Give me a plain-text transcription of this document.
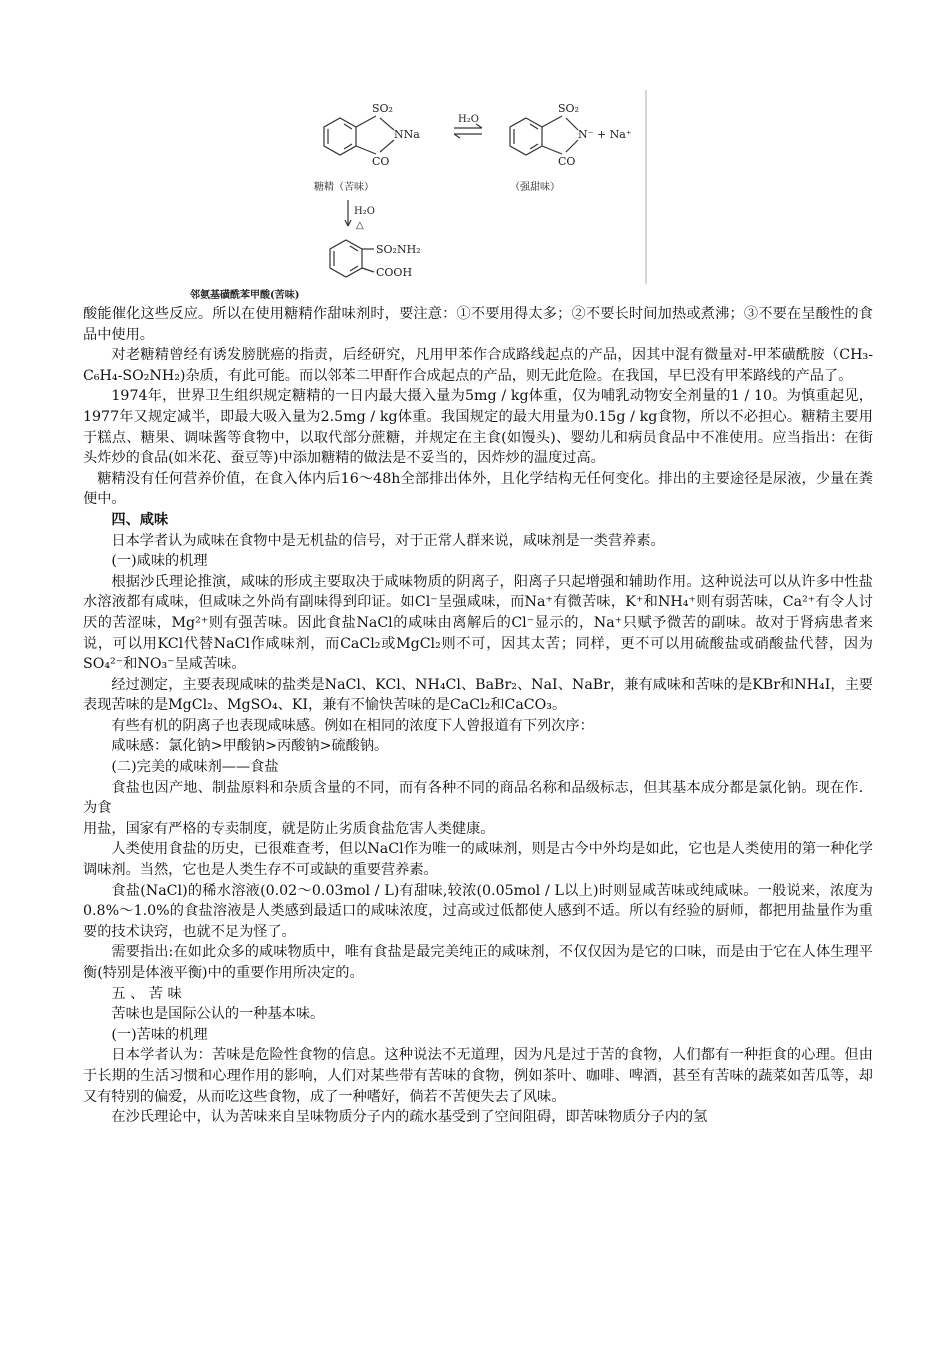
SO₂
NNa
CO
H₂O
SO₂
N⁻ + Na⁺
CO
糖精（苦味）	（强甜味）
H₂O
△
SO₂NH₂
COOH
邻氨基磺酰苯甲酸(苦味)

酸能催化这些反应。所以在使用糖精作甜味剂时，要注意：①不要用得太多；②不要长时间加热或煮沸；③不要在呈酸性的食品中使用。

对老糖精曾经有诱发膀胱癌的指责，后经研究，凡用甲苯作合成路线起点的产品，因其中混有微量对-甲苯磺酰胺（CH₃-C₆H₄-SO₂NH₂)杂质，有此可能。而以邻苯二甲酐作合成起点的产品，则无此危险。在我国，早巳没有甲苯路线的产品了。

1974年，世界卫生组织规定糖精的一日内最大摄入量为5mg / kg体重，仅为哺乳动物安全剂量的1 / 10。为慎重起见，1977年又规定减半，即最大吸入量为2.5mg / kg体重。我国规定的最大用量为0.15g / kg食物，所以不必担心。糖精主要用于糕点、糖果、调味酱等食物中，以取代部分蔗糖，并规定在主食(如馒头)、婴幼儿和病员食品中不准使用。应当指出：在街头炸炒的食品(如米花、蚕豆等)中添加糖精的做法是不妥当的，因炸炒的温度过高。

糖精没有任何营养价值，在食入体内后16～48h全部排出体外，且化学结构无任何变化。排出的主要途径是尿液，少量在粪便中。

四、咸味

日本学者认为咸味在食物中是无机盐的信号，对于正常人群来说，咸味剂是一类营养素。

(一)咸味的机理

根据沙氏理论推演，咸味的形成主要取决于咸味物质的阴离子，阳离子只起增强和辅助作用。这种说法可以从许多中性盐水溶液都有咸味，但咸味之外尚有副味得到印证。如Cl⁻呈强咸味，而Na⁺有微苦味，K⁺和NH₄⁺则有弱苦味，Ca²⁺有令人讨厌的苦涩味，Mg²⁺则有强苦味。因此食盐NaCl的咸味由离解后的Cl⁻显示的，Na⁺只赋予微苦的副味。故对于肾病患者来说，可以用KCl代替NaCl作咸味剂，而CaCl₂或MgCl₂则不可，因其太苦；同样，更不可以用硫酸盐或硝酸盐代替，因为SO₄²⁻和NO₃⁻呈咸苦味。

经过测定，主要表现咸味的盐类是NaCl、KCl、NH₄Cl、BaBr₂、NaI、NaBr，兼有咸味和苦味的是KBr和NH₄I，主要表现苦味的是MgCl₂、MgSO₄、KI，兼有不愉快苦味的是CaCl₂和CaCO₃。

有些有机的阴离子也表现咸味感。例如在相同的浓度下人曾报道有下列次序：

咸味感：氯化钠>甲酸钠>丙酸钠>硫酸钠。

(二)完美的咸味剂——食盐

食盐也因产地、制盐原料和杂质含量的不同，而有各种不同的商品名称和品级标志，但其基本成分都是氯化钠。现在作．为食

用盐，国家有严格的专卖制度，就是防止劣质食盐危害人类健康。

人类使用食盐的历史，已很难查考，但以NaCl作为唯一的咸味剂，则是古今中外均是如此，它也是人类使用的第一种化学调味剂。当然，它也是人类生存不可或缺的重要营养素。

食盐(NaCl)的稀水溶液(0.02～0.03mol / L)有甜味,较浓(0.05mol / L以上)时则显咸苦味或纯咸味。一般说来，浓度为0.8%～1.0%的食盐溶液是人类感到最适口的咸味浓度，过高或过低都使人感到不适。所以有经验的厨师，都把用盐量作为重要的技术诀窍，也就不足为怪了。

需要指出:在如此众多的咸味物质中，唯有食盐是最完美纯正的咸味剂，不仅仅因为是它的口味，而是由于它在人体生理平衡(特别是体液平衡)中的重要作用所决定的。

五 、 苦 味

苦味也是国际公认的一种基本味。

(一)苦味的机理

日本学者认为：苦味是危险性食物的信息。这种说法不无道理，因为凡是过于苦的食物，人们都有一种拒食的心理。但由于长期的生活习惯和心理作用的影响，人们对某些带有苦味的食物，例如茶叶、咖啡、啤酒，甚至有苦味的蔬菜如苦瓜等，却又有特别的偏爱，从而吃这些食物，成了一种嗜好，倘若不苦便失去了风味。

在沙氏理论中，认为苦味来自呈味物质分子内的疏水基受到了空间阻碍，即苦味物质分子内的氢
